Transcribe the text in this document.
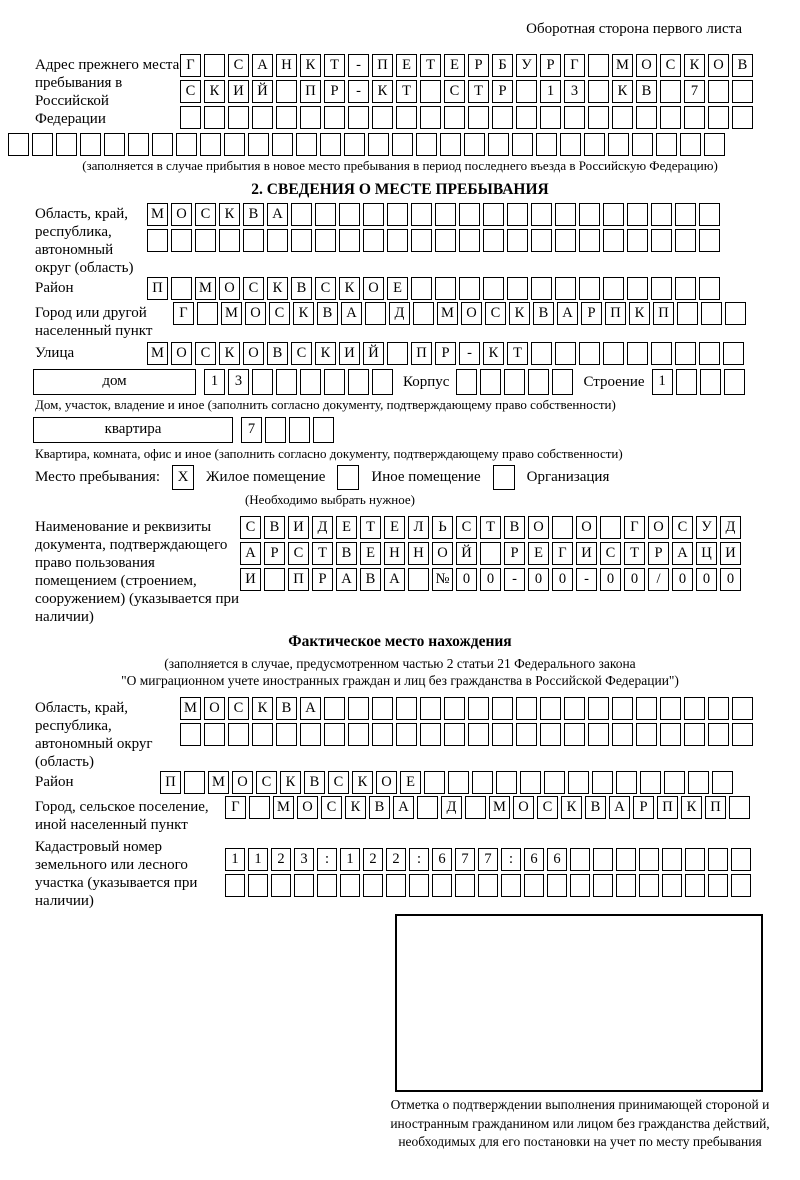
Оборотная сторона первого листа
Адрес прежнего места пребывания в Российской Федерации
Г	С А Н К	Т	-	П Е	Т	Е	Р	Б	У	Р	Г	М О С К О В
С К И Й	П	Р	-	К	Т	С	Т	Р	1	3	К В	7
(заполняется в случае прибытия в новое место пребывания в период последнего въезда в Российскую Федерацию)
2. СВЕДЕНИЯ О МЕСТЕ ПРЕБЫВАНИЯ
Область, край, республика, автономный округ (область)
М О С К В А
Район	П	М О С К В С К О Е
Город или другой населенный пункт
Г	М О С К В А	Д	М О С К В А	Р	П К П
Улица	М О С К О В С К И Й	П	Р	-	К	Т
дом	1	3	Корпус	Строение 1
Дом, участок, владение и иное (заполнить согласно документу, подтверждающему право собственности)
квартира	7
Квартира, комната, офис и иное (заполнить согласно документу, подтверждающему право собственности)
Место пребывания:	X	Жилое помещение	Иное помещение	Организация
(Необходимо выбрать нужное)
Наименование и реквизиты документа, подтверждающего право пользования помещением (строением, сооружением) (указывается при наличии)
С В И Д	Е	Т	Е	Л	Ь	С	Т	В О	О	Г	О С У Д
А	Р	С	Т	В	Е Н Н О Й	Р	Е	Г	И С	Т	Р	А Ц И
И	П	Р	А В А	№ 0	0	-	0	0	-	0	0	/	0	0	0
Фактическое место нахождения
(заполняется в случае, предусмотренном частью 2 статьи 21 Федерального закона
"О миграционном учете иностранных граждан и лиц без гражданства в Российской Федерации")
Область, край, республика, автономный округ (область)
М О С К В А
Район	П	М О С К В С К О Е
Город, сельское поселение, иной населенный пункт
Г	М О С К В А	Д	М О С К В А	Р	П К П
Кадастровый номер земельного или лесного участка (указывается при наличии)
1	1	2	3	:	1	2	2	:	6	7	7	:	6	6
Отметка о подтверждении выполнения принимающей стороной и иностранным гражданином или лицом без гражданства действий, необходимых для его постановки на учет по месту пребывания
